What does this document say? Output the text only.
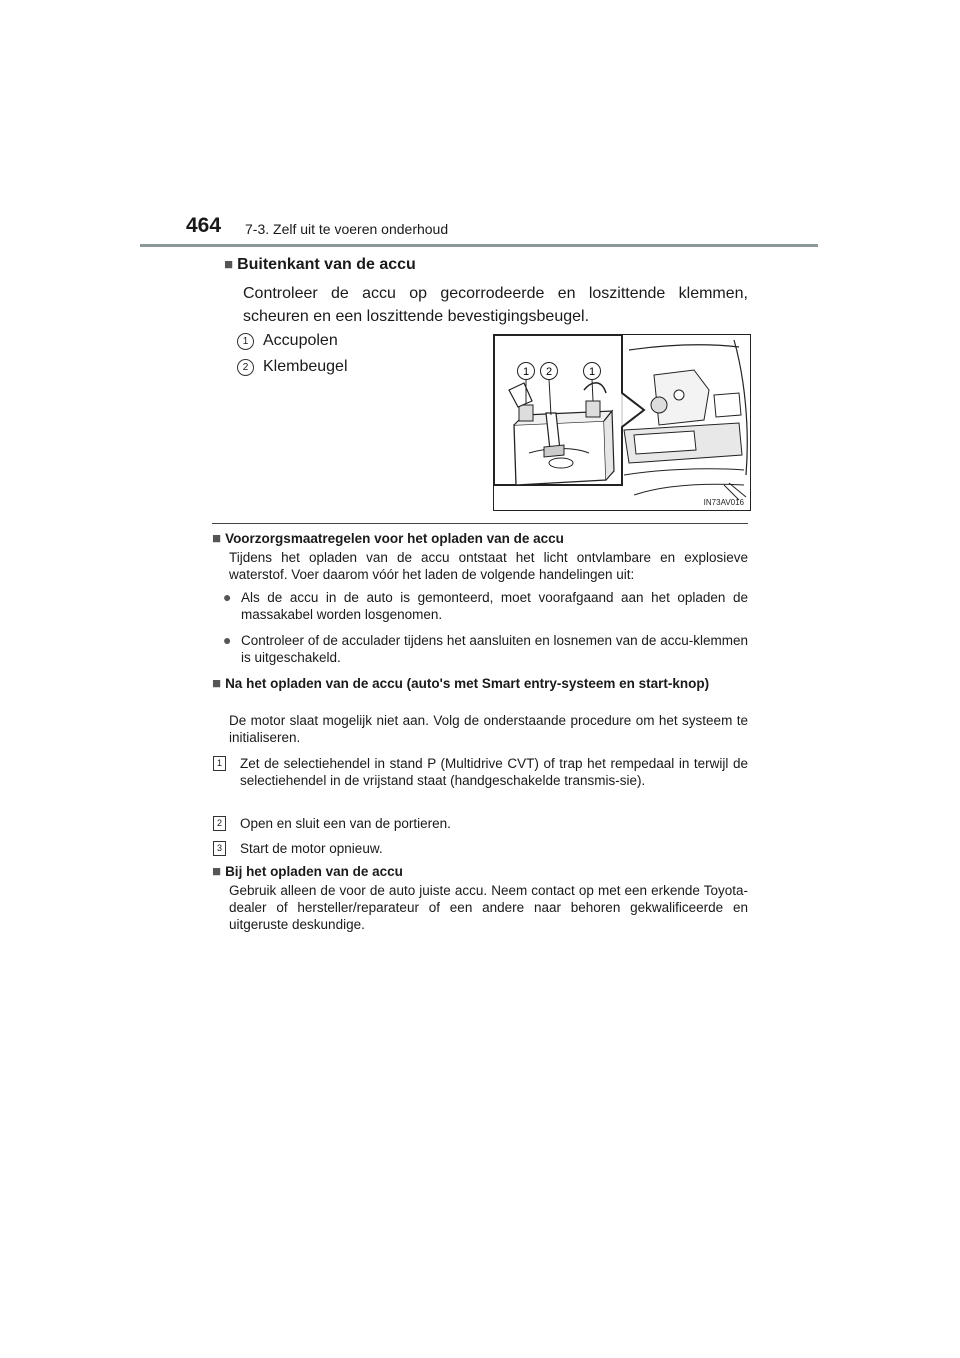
464 7-3. Zelf uit te voeren onderhoud
■ Buitenkant van de accu
Controleer de accu op gecorrodeerde en loszittende klemmen, scheuren en een loszittende bevestigingsbeugel.
1 Accupolen
2 Klembeugel	1 2	1
IN73AV016
■ Voorzorgsmaatregelen voor het opladen van de accu
Tijdens het opladen van de accu ontstaat het licht ontvlambare en explosieve waterstof. Voer daarom vóór het laden de volgende handelingen uit:
● Als de accu in de auto is gemonteerd, moet voorafgaand aan het opladen de massakabel worden losgenomen.
● Controleer of de acculader tijdens het aansluiten en losnemen van de accu-klemmen is uitgeschakeld.
■ Na het opladen van de accu (auto's met Smart entry-systeem en start-knop)
De motor slaat mogelijk niet aan. Volg de onderstaande procedure om het systeem te initialiseren.
1 Zet de selectiehendel in stand P (Multidrive CVT) of trap het rempedaal in terwijl de selectiehendel in de vrijstand staat (handgeschakelde transmis-sie).
2 Open en sluit een van de portieren.
3 Start de motor opnieuw.
■ Bij het opladen van de accu
Gebruik alleen de voor de auto juiste accu. Neem contact op met een erkende Toyota-dealer of hersteller/reparateur of een andere naar behoren gekwalificeerde en uitgeruste deskundige.
